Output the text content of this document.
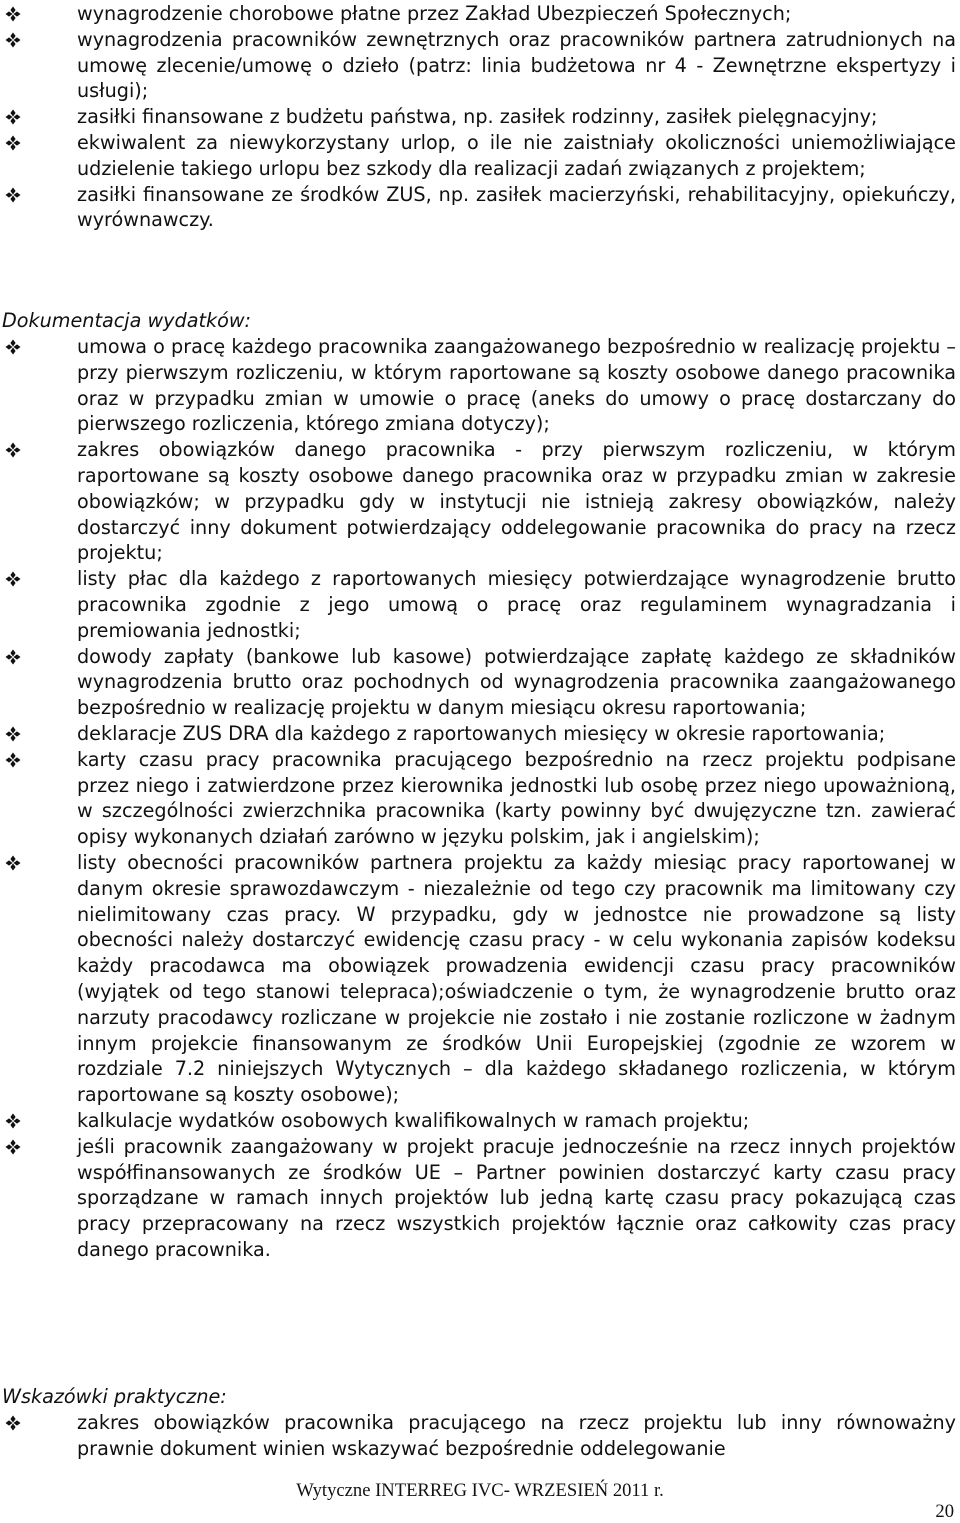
wynagrodzenie chorobowe płatne przez Zakład Ubezpieczeń Społecznych;
wynagrodzenia pracowników zewnętrznych oraz pracowników partnera zatrudnionych na umowę zlecenie/umowę o dzieło (patrz: linia budżetowa nr 4 - Zewnętrzne ekspertyzy i usługi);
zasiłki finansowane z budżetu państwa, np. zasiłek rodzinny, zasiłek pielęgnacyjny;
ekwiwalent za niewykorzystany urlop, o ile nie zaistniały okoliczności uniemożliwiające udzielenie takiego urlopu bez szkody dla realizacji zadań związanych z projektem;
zasiłki finansowane ze środków ZUS, np. zasiłek macierzyński, rehabilitacyjny, opiekuńczy, wyrównawczy.

Dokumentacja wydatków:

umowa o pracę każdego pracownika zaangażowanego bezpośrednio w realizację projektu – przy pierwszym rozliczeniu, w którym raportowane są koszty osobowe danego pracownika oraz w przypadku zmian w umowie o pracę (aneks do umowy o pracę dostarczany do pierwszego rozliczenia, którego zmiana dotyczy);
zakres obowiązków danego pracownika - przy pierwszym rozliczeniu, w którym raportowane są koszty osobowe danego pracownika oraz w przypadku zmian w zakresie obowiązków; w przypadku gdy w instytucji nie istnieją zakresy obowiązków, należy dostarczyć inny dokument potwierdzający oddelegowanie pracownika do pracy na rzecz projektu;
listy płac dla każdego z raportowanych miesięcy potwierdzające wynagrodzenie brutto pracownika zgodnie z jego umową o pracę oraz regulaminem wynagradzania i premiowania jednostki;
dowody zapłaty (bankowe lub kasowe) potwierdzające zapłatę każdego ze składników wynagrodzenia brutto oraz pochodnych od wynagrodzenia pracownika zaangażowanego bezpośrednio w realizację projektu w danym miesiącu okresu raportowania;
deklaracje ZUS DRA dla każdego z raportowanych miesięcy w okresie raportowania;
karty czasu pracy pracownika pracującego bezpośrednio na rzecz projektu podpisane przez niego i zatwierdzone przez kierownika jednostki lub osobę przez niego upoważnioną, w szczególności zwierzchnika pracownika (karty powinny być dwujęzyczne tzn. zawierać opisy wykonanych działań zarówno w języku polskim, jak i angielskim);
listy obecności pracowników partnera projektu za każdy miesiąc pracy raportowanej w danym okresie sprawozdawczym - niezależnie od tego czy pracownik ma limitowany czy nielimitowany czas pracy. W przypadku, gdy w jednostce nie prowadzone są listy obecności należy dostarczyć ewidencję czasu pracy - w celu wykonania zapisów kodeksu każdy pracodawca ma obowiązek prowadzenia ewidencji czasu pracy pracowników (wyjątek od tego stanowi telepraca);oświadczenie o tym, że wynagrodzenie brutto oraz narzuty pracodawcy rozliczane w projekcie nie zostało i nie zostanie rozliczone w żadnym innym projekcie finansowanym ze środków Unii Europejskiej (zgodnie ze wzorem w rozdziale 7.2 niniejszych Wytycznych – dla każdego składanego rozliczenia, w którym raportowane są koszty osobowe);
kalkulacje wydatków osobowych kwalifikowalnych w ramach projektu;
jeśli pracownik zaangażowany w projekt pracuje jednocześnie na rzecz innych projektów współfinansowanych ze środków UE – Partner powinien dostarczyć karty czasu pracy sporządzane w ramach innych projektów lub jedną kartę czasu pracy pokazującą czas pracy przepracowany na rzecz wszystkich projektów łącznie oraz całkowity czas pracy danego pracownika.

Wskazówki praktyczne:

zakres obowiązków pracownika pracującego na rzecz projektu lub inny równoważny prawnie dokument winien wskazywać bezpośrednie oddelegowanie
Wytyczne INTERREG IVC- WRZESIEŃ 2011 r.
20
